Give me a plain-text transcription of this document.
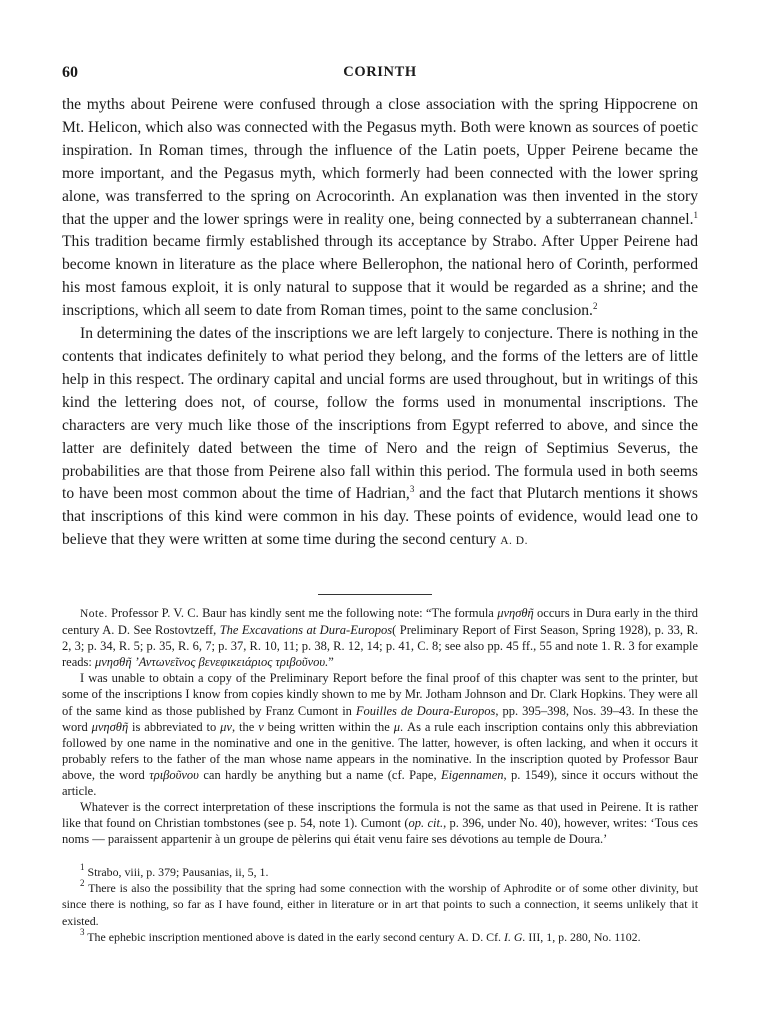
60	CORINTH

the myths about Peirene were confused through a close association with the spring Hippocrene on Mt. Helicon, which also was connected with the Pegasus myth. Both were known as sources of poetic inspiration. In Roman times, through the influence of the Latin poets, Upper Peirene became the more important, and the Pegasus myth, which formerly had been connected with the lower spring alone, was transferred to the spring on Acrocorinth. An explanation was then invented in the story that the upper and the lower springs were in reality one, being connected by a subterranean channel.$^1$ This tradition became firmly established through its acceptance by Strabo. After Upper Peirene had become known in literature as the place where Bellerophon, the national hero of Corinth, performed his most famous exploit, it is only natural to suppose that it would be regarded as a shrine; and the inscriptions, which all seem to date from Roman times, point to the same conclusion.$^2$

In determining the dates of the inscriptions we are left largely to conjecture. There is nothing in the contents that indicates definitely to what period they belong, and the forms of the letters are of little help in this respect. The ordinary capital and uncial forms are used throughout, but in writings of this kind the lettering does not, of course, follow the forms used in monumental inscriptions. The characters are very much like those of the inscriptions from Egypt referred to above, and since the latter are definitely dated between the time of Nero and the reign of Septimius Severus, the probabilities are that those from Peirene also fall within this period. The formula used in both seems to have been most common about the time of Hadrian,$^3$ and the fact that Plutarch mentions it shows that inscriptions of this kind were common in his day. These points of evidence, would lead one to believe that they were written at some time during the second century A. D.

Note. Professor P. V. C. Baur has kindly sent me the following note: “The formula μνησθῆ occurs in Dura early in the third century A. D. See Rostovtzeff, The Excavations at Dura-Europos( Preliminary Report of First Season, Spring 1928), p. 33, R. 2, 3; p. 34, R. 5; p. 35, R. 6, 7; p. 37, R. 10, 11; p. 38, R. 12, 14; p. 41, C. 8; see also pp. 45 ff., 55 and note 1. R. 3 for example reads: μνησθῆ ’Αντωνεῖνος βενεφικειάριος τριβοῦνου.”

I was unable to obtain a copy of the Preliminary Report before the final proof of this chapter was sent to the printer, but some of the inscriptions I know from copies kindly shown to me by Mr. Jotham Johnson and Dr. Clark Hopkins. They were all of the same kind as those published by Franz Cumont in Fouilles de Doura-Europos, pp. 395–398, Nos. 39–43. In these the word μνησθῆ is abbreviated to μν, the ν being written within the μ. As a rule each inscription contains only this abbreviation followed by one name in the nominative and one in the genitive. The latter, however, is often lacking, and when it occurs it probably refers to the father of the man whose name appears in the nominative. In the inscription quoted by Professor Baur above, the word τριβοῦνου can hardly be anything but a name (cf. Pape, Eigennamen, p. 1549), since it occurs without the article.

Whatever is the correct interpretation of these inscriptions the formula is not the same as that used in Peirene. It is rather like that found on Christian tombstones (see p. 54, note 1). Cumont (op. cit., p. 396, under No. 40), however, writes: ‘Tous ces noms — paraissent appartenir à un groupe de pèlerins qui était venu faire ses dévotions au temple de Doura.’

$^1$ Strabo, viii, p. 379; Pausanias, ii, 5, 1.

$^2$ There is also the possibility that the spring had some connection with the worship of Aphrodite or of some other divinity, but since there is nothing, so far as I have found, either in literature or in art that points to such a connection, it seems unlikely that it existed.

$^3$ The ephebic inscription mentioned above is dated in the early second century A. D. Cf. I. G. III, 1, p. 280, No. 1102.
